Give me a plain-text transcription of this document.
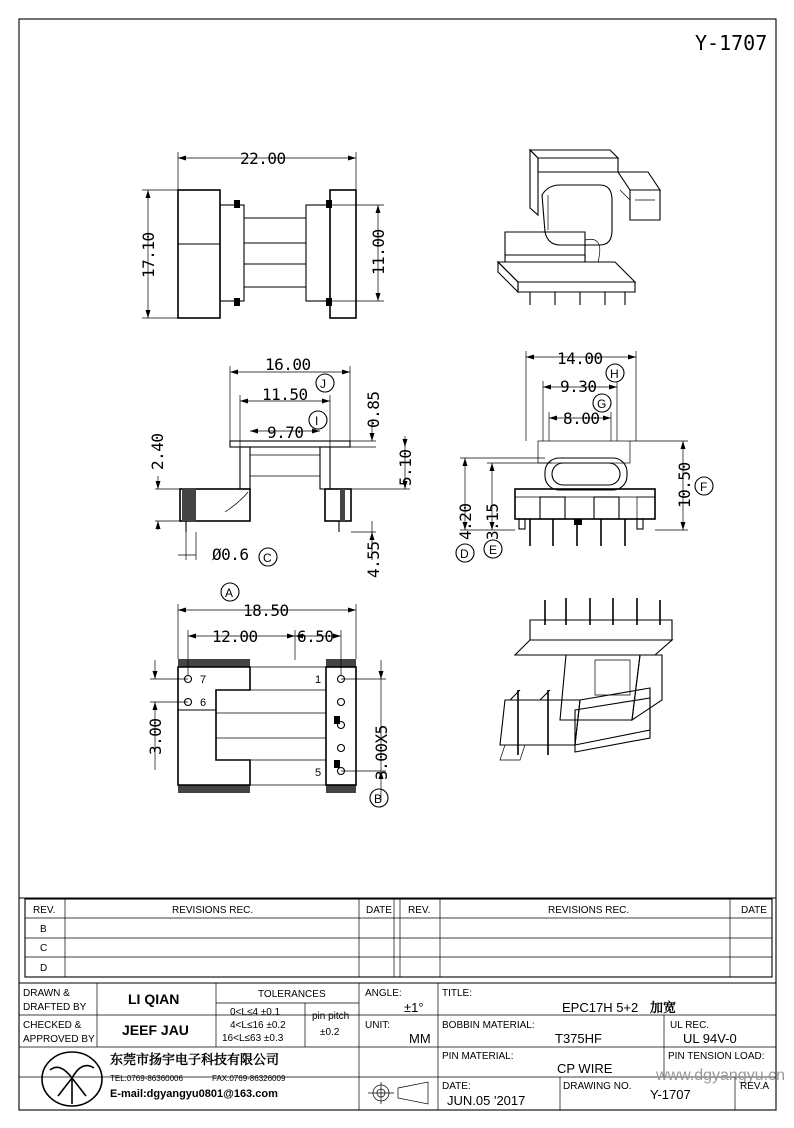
Y-1707
22.00
17.10	11.00
16.00
11.50
9.70
0.85
5.10
2.40
4.55
Ø0.6
14.00
9.30
8.00
10.50
4.20 3.15
18.50
12.00 6.50
3.00	3.00X5
7
6
1
5
J
I
C
H
G
F
D E
A
B
REV.	REVISIONS REC.	DATE REV.	REVISIONS REC.	DATE
B
C
D
DRAWN &
DRAFTED BY
LI QIAN
CHECKED &
APPROVED BY
JEEF JAU
TOLERANCES
0<L≤4 ±0.1
4<L≤16 ±0.2
16<L≤63 ±0.3
pin pitch
±0.2
ANGLE:
±1°
UNIT:
MM
TITLE:
EPC17H 5+2 加宽
BOBBIN MATERIAL:
T375HF
UL REC.
UL 94V-0
PIN MATERIAL:
CP WIRE
PIN TENSION LOAD:
www.dgyangyu.cn
DATE:
JUN.05 '2017
DRAWING NO.
Y-1707
REV.A
东莞市扬宇电子科技有限公司
TEL:0769-86360006	FAX:0769-86326009
E-mail:dgyangyu0801@163.com
